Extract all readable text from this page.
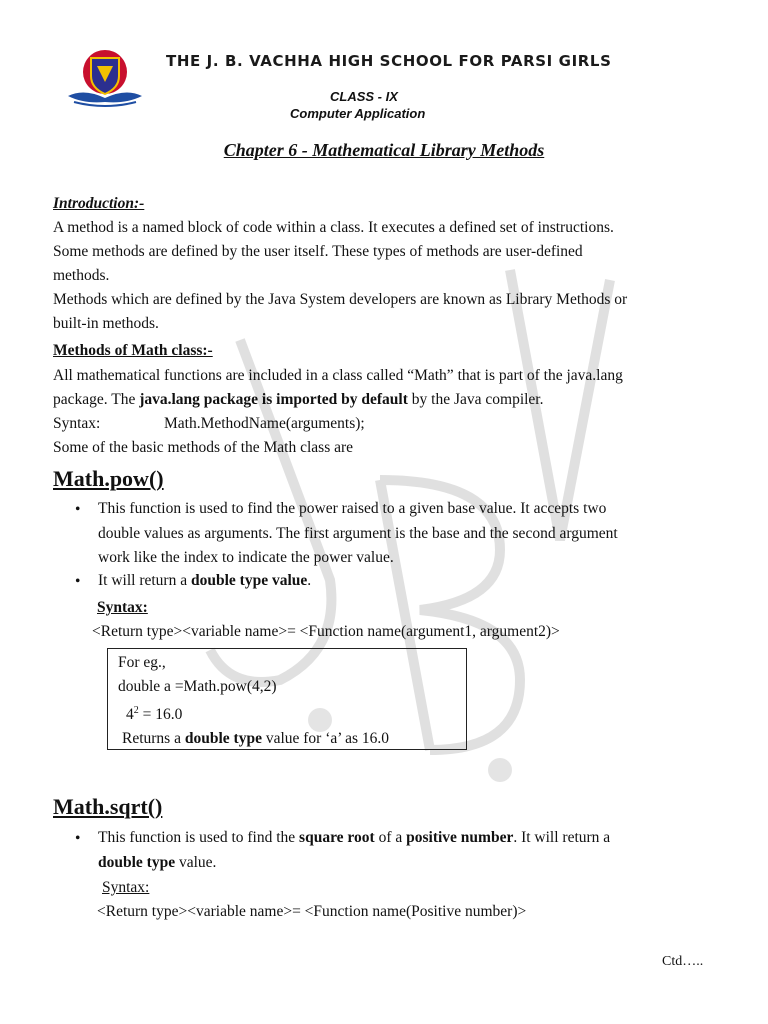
THE J. B. VACHHA HIGH SCHOOL FOR PARSI GIRLS
CLASS - IX
Computer Application
Chapter 6 - Mathematical Library Methods
Introduction:-
A method is a named block of code within a class. It executes a defined set of instructions.
Some methods are defined by the user itself. These types of methods are user-defined
methods.
Methods which are defined by the Java System developers are known as Library Methods or
built-in methods.
Methods of Math class:-
All mathematical functions are included in a class called “Math” that is part of the java.lang
package. The java.lang package is imported by default by the Java compiler.
Syntax:	Math.MethodName(arguments);
Some of the basic methods of the Math class are
Math.pow()
• This function is used to find the power raised to a given base value. It accepts two
double values as arguments. The first argument is the base and the second argument
work like the index to indicate the power value.
• It will return a double type value.
Syntax:
<Return type><variable name>= <Function name(argument1, argument2)>
For eg.,
double a =Math.pow(4,2)
$4^2 = 16.0$
Returns a double type value for ‘a’ as 16.0
Math.sqrt()
• This function is used to find the square root of a positive number. It will return a
double type value.
Syntax:
<Return type><variable name>= <Function name(Positive number)>
Ctd…..
